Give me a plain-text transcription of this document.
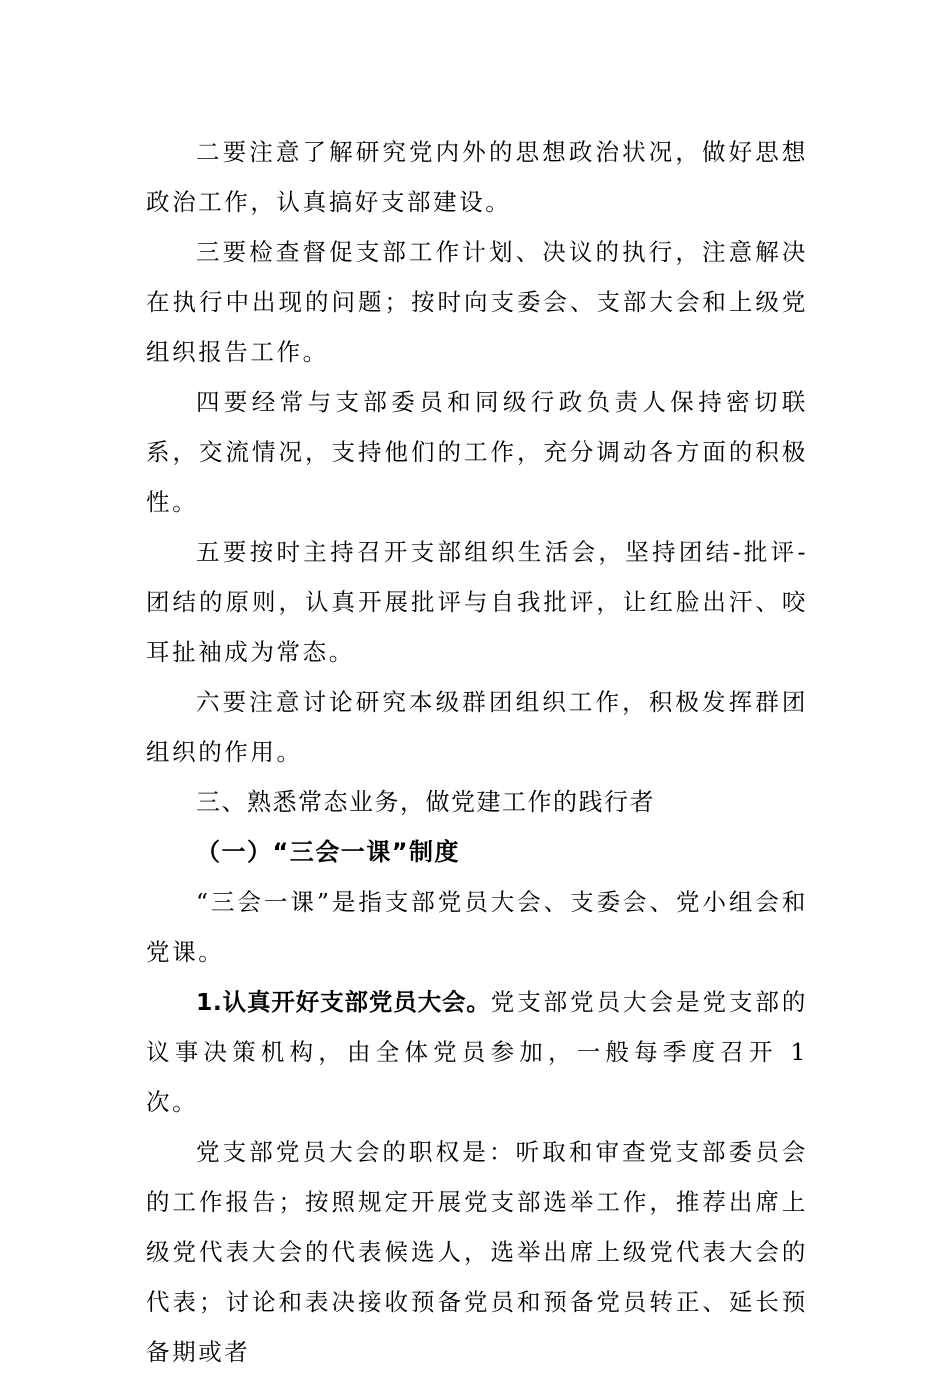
二要注意了解研究党内外的思想政治状况，做好思想政治工作，认真搞好支部建设。

三要检查督促支部工作计划、决议的执行，注意解决在执行中出现的问题；按时向支委会、支部大会和上级党组织报告工作。

四要经常与支部委员和同级行政负责人保持密切联系，交流情况，支持他们的工作，充分调动各方面的积极性。

五要按时主持召开支部组织生活会，坚持团结-批评-团结的原则，认真开展批评与自我批评，让红脸出汗、咬耳扯袖成为常态。

六要注意讨论研究本级群团组织工作，积极发挥群团组织的作用。

三、熟悉常态业务，做党建工作的践行者

（一）“三会一课”制度

“三会一课”是指支部党员大会、支委会、党小组会和党课。

1.认真开好支部党员大会。党支部党员大会是党支部的议事决策机构，由全体党员参加，一般每季度召开 1 次。

党支部党员大会的职权是：听取和审查党支部委员会的工作报告；按照规定开展党支部选举工作，推荐出席上级党代表大会的代表候选人，选举出席上级党代表大会的代表；讨论和表决接收预备党员和预备党员转正、延长预备期或者
